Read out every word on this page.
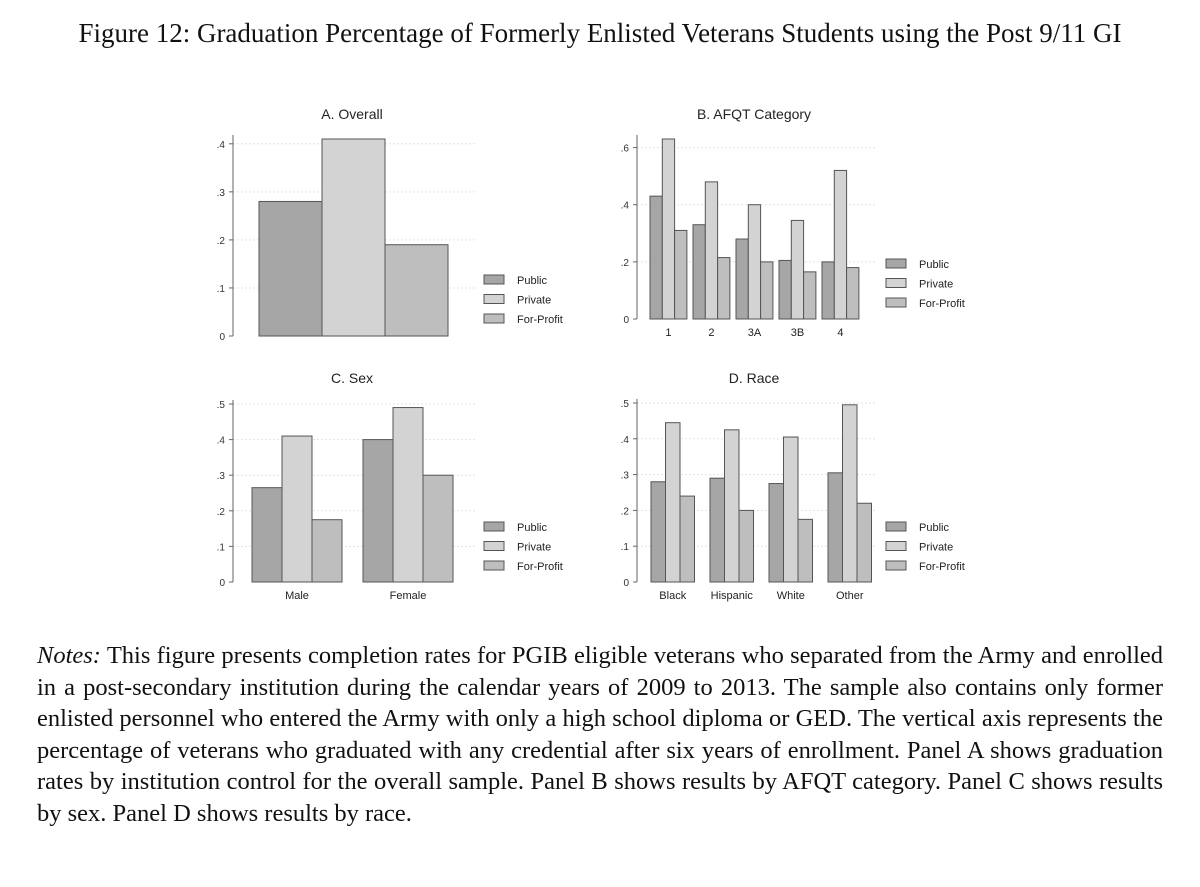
Figure 12: Graduation Percentage of Formerly Enlisted Veterans Students using the Post 9/11 GI
A. Overall
0
.1
.2
.3
.4
Public
Private
For-Profit
B. AFQT Category
0
.2
.4
.6
1	2	3A	3B	4
Public
Private
For-Profit
C. Sex
0
.1
.2
.3
.4
.5
Male	Female
Public
Private
For-Profit
D. Race
0
.1
.2
.3
.4
.5
Black Hispanic White	Other
Public
Private
For-Profit

Notes: This figure presents completion rates for PGIB eligible veterans who separated from the Army and enrolled in a post-secondary institution during the calendar years of 2009 to 2013. The sample also contains only former enlisted personnel who entered the Army with only a high school diploma or GED. The vertical axis represents the percentage of veterans who graduated with any credential after six years of enrollment. Panel A shows graduation rates by institution control for the overall sample. Panel B shows results by AFQT category. Panel C shows results by sex. Panel D shows results by race.
